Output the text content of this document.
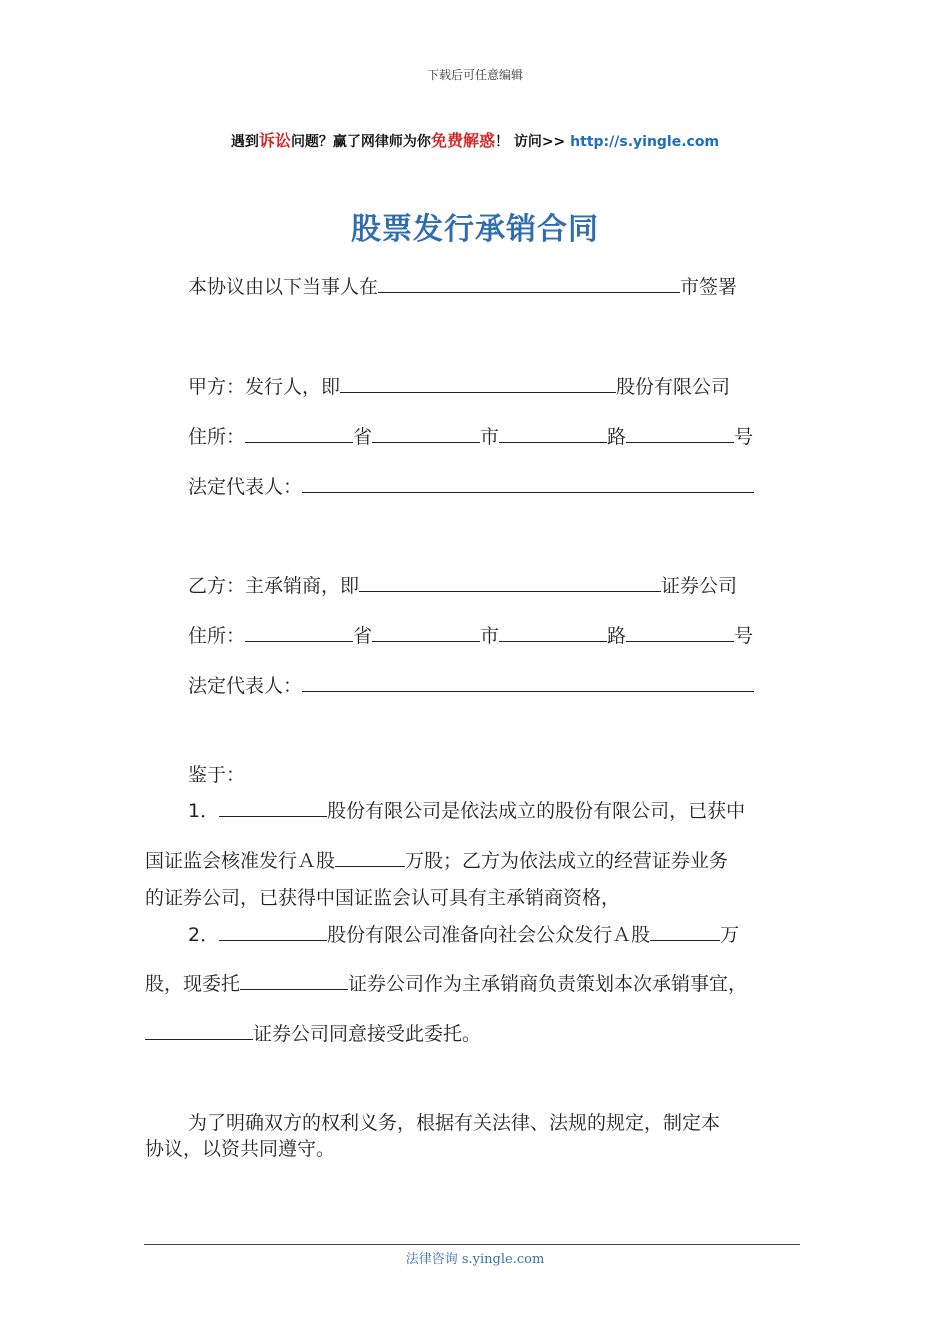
下载后可任意编辑
遇到诉讼问题？赢了网律师为你免费解惑！ 访问>> http://s.yingle.com
股票发行承销合同
本协议由以下当事人在	市签署
甲方：发行人，即	股份有限公司
住所：	省	市	路	号
法定代表人：
乙方：主承销商，即	证券公司
住所：	省	市	路	号
法定代表人：
鉴于：
1．	股份有限公司是依法成立的股份有限公司，已获中
国证监会核准发行Ａ股	万股；乙方为依法成立的经营证券业务
的证券公司，已获得中国证监会认可具有主承销商资格，
2．	股份有限公司准备向社会公众发行Ａ股	万
股，现委托	证券公司作为主承销商负责策划本次承销事宜，
证券公司同意接受此委托。
为了明确双方的权利义务，根据有关法律、法规的规定，制定本
协议，以资共同遵守。
法律咨询 s.yingle.com
